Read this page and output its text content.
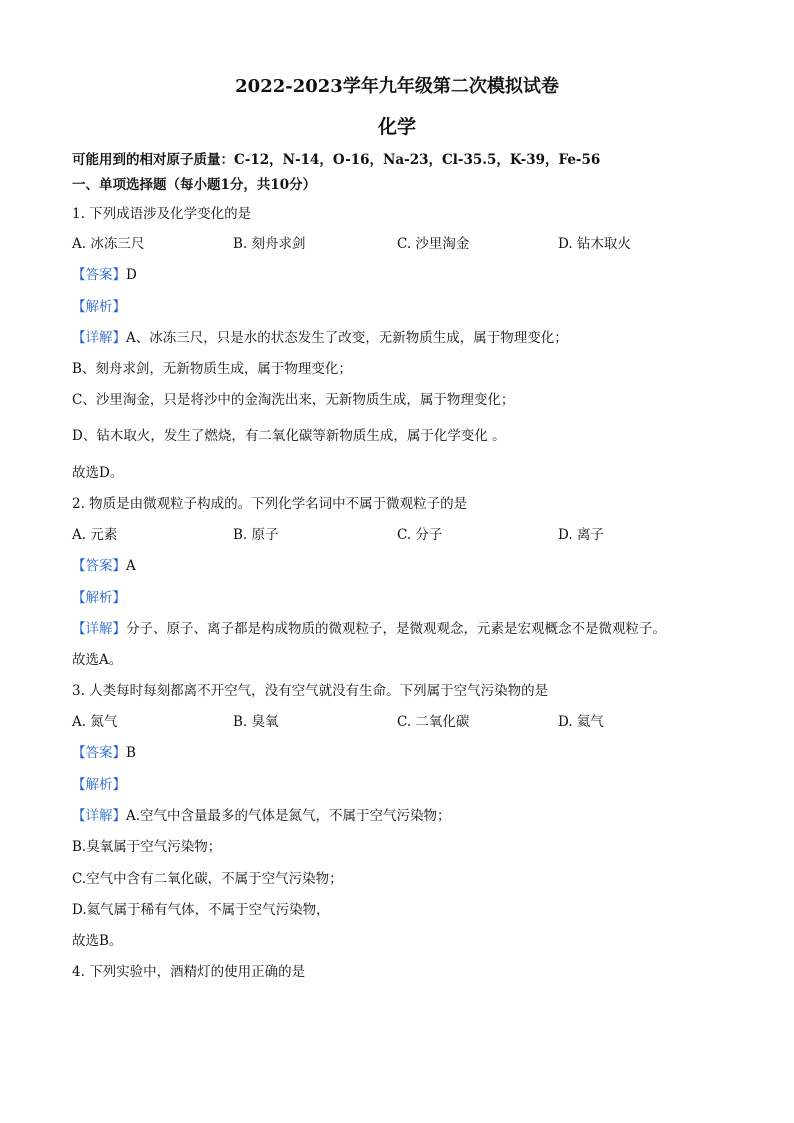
2022-2023学年九年级第二次模拟试卷
化学
可能用到的相对原子质量：C-12，N-14，O-16，Na-23，Cl-35.5，K-39，Fe-56
一、单项选择题（每小题1分，共10分）
1. 下列成语涉及化学变化的是
A. 冰冻三尺	B. 刻舟求剑	C. 沙里淘金	D. 钻木取火
【答案】D
【解析】
【详解】A、冰冻三尺，只是水的状态发生了改变，无新物质生成，属于物理变化；
B、刻舟求剑，无新物质生成，属于物理变化；
C、沙里淘金，只是将沙中的金淘洗出来，无新物质生成，属于物理变化；
D、钻木取火，发生了燃烧，有二氧化碳等新物质生成，属于化学变化 。
故选D。
2. 物质是由微观粒子构成的。下列化学名词中不属于微观粒子的是
A. 元素	B. 原子	C. 分子	D. 离子
【答案】A
【解析】
【详解】分子、原子、离子都是构成物质的微观粒子，是微观观念，元素是宏观概念不是微观粒子。
故选A。
3. 人类每时每刻都离不开空气，没有空气就没有生命。下列属于空气污染物的是
A. 氮气	B. 臭氧	C. 二氧化碳	D. 氦气
【答案】B
【解析】
【详解】A.空气中含量最多的气体是氮气，不属于空气污染物；
B.臭氧属于空气污染物；
C.空气中含有二氧化碳，不属于空气污染物；
D.氦气属于稀有气体，不属于空气污染物，
故选B。
4. 下列实验中，酒精灯的使用正确的是
